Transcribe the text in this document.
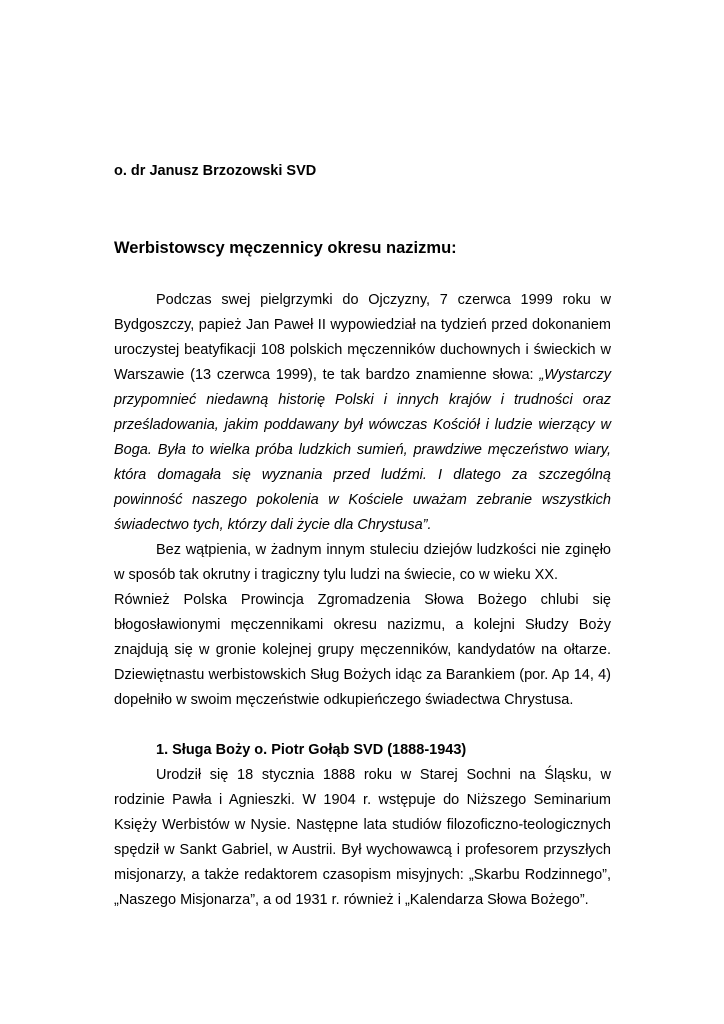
o. dr Janusz Brzozowski SVD

Werbistowscy męczennicy okresu nazizmu:

Podczas swej pielgrzymki do Ojczyzny, 7 czerwca 1999 roku w Bydgoszczy, papież Jan Paweł II wypowiedział na tydzień przed dokonaniem uroczystej beatyfikacji 108 polskich męczenników duchownych i świeckich w Warszawie (13 czerwca 1999), te tak bardzo znamienne słowa: „Wystarczy przypomnieć niedawną historię Polski i innych krajów i trudności oraz prześladowania, jakim poddawany był wówczas Kościół i ludzie wierzący w Boga. Była to wielka próba ludzkich sumień, prawdziwe męczeństwo wiary, która domagała się wyznania przed ludźmi. I dlatego za szczególną powinność naszego pokolenia w Kościele uważam zebranie wszystkich świadectwo tych, którzy dali życie dla Chrystusa”.

Bez wątpienia, w żadnym innym stuleciu dziejów ludzkości nie zginęło w sposób tak okrutny i tragiczny tylu ludzi na świecie, co w wieku XX.

Również Polska Prowincja Zgromadzenia Słowa Bożego chlubi się błogosławionymi męczennikami okresu nazizmu, a kolejni Słudzy Boży znajdują się w gronie kolejnej grupy męczenników, kandydatów na ołtarze. Dziewiętnastu werbistowskich Sług Bożych idąc za Barankiem (por. Ap 14, 4) dopełniło w swoim męczeństwie odkupieńczego świadectwa Chrystusa.

1. Sługa Boży o. Piotr Gołąb SVD (1888-1943)

Urodził się 18 stycznia 1888 roku w Starej Sochni na Śląsku, w rodzinie Pawła i Agnieszki. W 1904 r. wstępuje do Niższego Seminarium Księży Werbistów w Nysie. Następne lata studiów filozoficzno-teologicznych spędził w Sankt Gabriel, w Austrii. Był wychowawcą i profesorem przyszłych misjonarzy, a także redaktorem czasopism misyjnych: „Skarbu Rodzinnego”, „Naszego Misjonarza”, a od 1931 r. również i „Kalendarza Słowa Bożego”.
